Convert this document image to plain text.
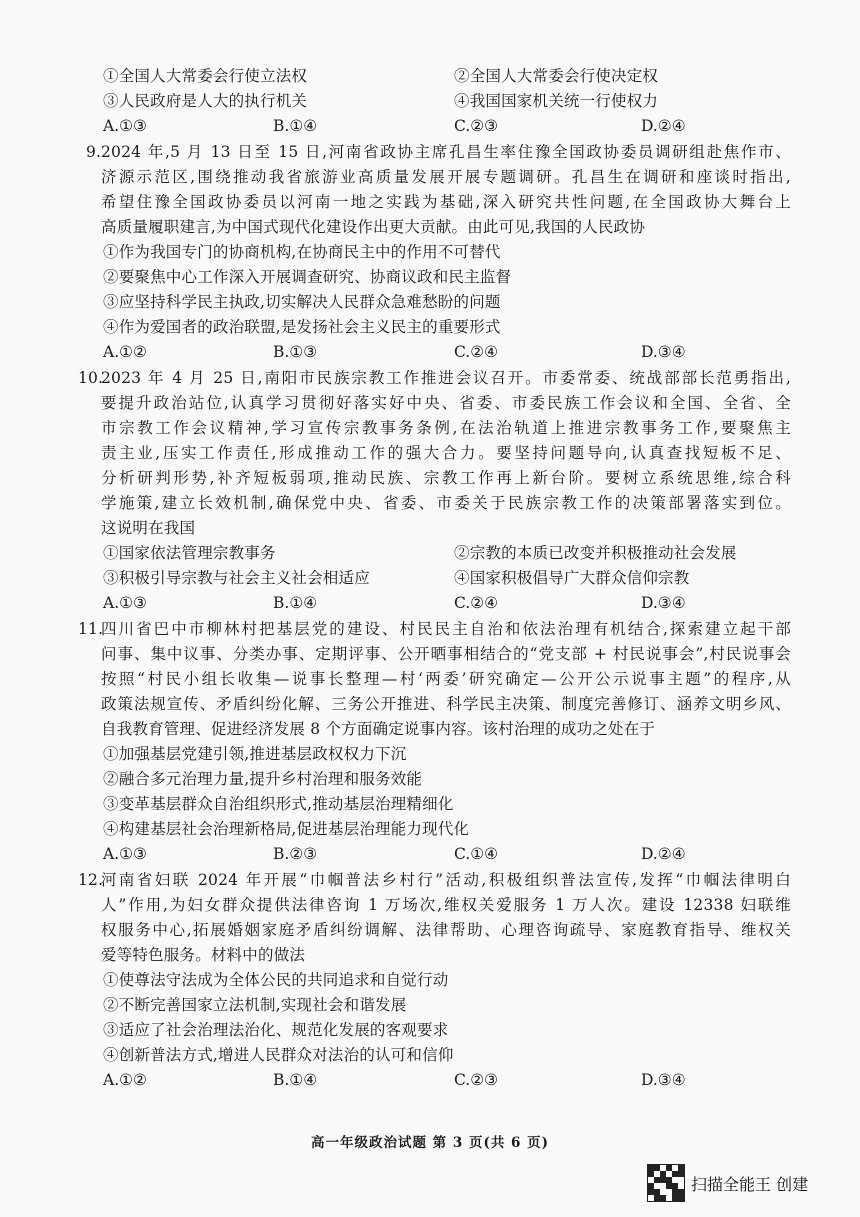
①全国人大常委会行使立法权	②全国人大常委会行使决定权
③人民政府是人大的执行机关	④我国国家机关统一行使权力
A.①③	B.①④	C.②③	D.②④
9. 2024 年,5 月 13 日至 15 日,河南省政协主席孔昌生率住豫全国政协委员调研组赴焦作市、
济源示范区,围绕推动我省旅游业高质量发展开展专题调研。孔昌生在调研和座谈时指出,
希望住豫全国政协委员以河南一地之实践为基础,深入研究共性问题,在全国政协大舞台上
高质量履职建言,为中国式现代化建设作出更大贡献。由此可见,我国的人民政协
①作为我国专门的协商机构,在协商民主中的作用不可替代
②要聚焦中心工作深入开展调查研究、协商议政和民主监督
③应坚持科学民主执政,切实解决人民群众急难愁盼的问题
④作为爱国者的政治联盟,是发扬社会主义民主的重要形式
A.①②	B.①③	C.②④	D.③④
10.
2023 年 4 月 25 日,南阳市民族宗教工作推进会议召开。市委常委、统战部部长范勇指出,
要提升政治站位,认真学习贯彻好落实好中央、省委、市委民族工作会议和全国、全省、全
市宗教工作会议精神,学习宣传宗教事务条例,在法治轨道上推进宗教事务工作,要聚焦主
责主业,压实工作责任,形成推动工作的强大合力。要坚持问题导向,认真查找短板不足、
分析研判形势,补齐短板弱项,推动民族、宗教工作再上新台阶。要树立系统思维,综合科
学施策,建立长效机制,确保党中央、省委、市委关于民族宗教工作的决策部署落实到位。
这说明在我国
①国家依法管理宗教事务	②宗教的本质已改变并积极推动社会发展
③积极引导宗教与社会主义社会相适应	④国家积极倡导广大群众信仰宗教
A.①③	B.①④	C.②④	D.③④
11.
四川省巴中市柳林村把基层党的建设、村民民主自治和依法治理有机结合,探索建立起干部
问事、集中议事、分类办事、定期评事、公开晒事相结合的“党支部 + 村民说事会”,村民说事会
按照“村民小组长收集—说事长整理—村‘两委’研究确定—公开公示说事主题”的程序,从
政策法规宣传、矛盾纠纷化解、三务公开推进、科学民主决策、制度完善修订、涵养文明乡风、
自我教育管理、促进经济发展 8 个方面确定说事内容。该村治理的成功之处在于
①加强基层党建引领,推进基层政权权力下沉
②融合多元治理力量,提升乡村治理和服务效能
③变革基层群众自治组织形式,推动基层治理精细化
④构建基层社会治理新格局,促进基层治理能力现代化
A.①③	B.②③	C.①④	D.②④
12.
河南省妇联 2024 年开展“巾帼普法乡村行”活动,积极组织普法宣传,发挥“巾帼法律明白
人”作用,为妇女群众提供法律咨询 1 万场次,维权关爱服务 1 万人次。建设 12338 妇联维
权服务中心,拓展婚姻家庭矛盾纠纷调解、法律帮助、心理咨询疏导、家庭教育指导、维权关
爱等特色服务。材料中的做法
①使尊法守法成为全体公民的共同追求和自觉行动
②不断完善国家立法机制,实现社会和谐发展
③适应了社会治理法治化、规范化发展的客观要求
④创新普法方式,增进人民群众对法治的认可和信仰
A.①②	B.①④	C.②③	D.③④
高一年级政治试题 第 3 页(共 6 页)
扫描全能王 创建
